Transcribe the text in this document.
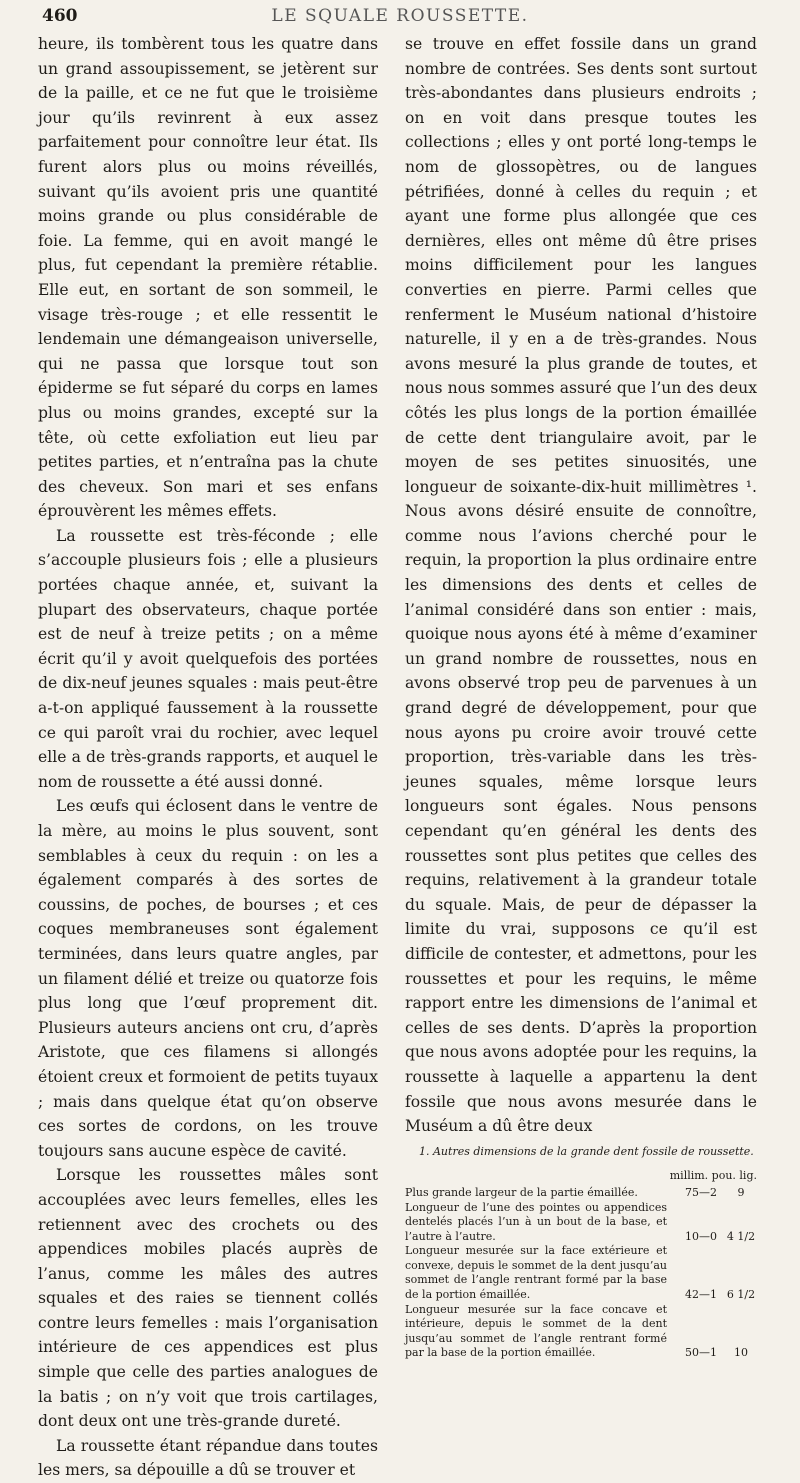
460	LE SQUALE ROUSSETTE.

heure, ils tombèrent tous les quatre dans un grand assoupissement, se jetèrent sur de la paille, et ce ne fut que le troisième jour qu’ils revinrent à eux assez parfaitement pour connoître leur état. Ils furent alors plus ou moins réveillés, suivant qu’ils avoient pris une quantité moins grande ou plus considérable de foie. La femme, qui en avoit mangé le plus, fut cependant la première rétablie. Elle eut, en sortant de son sommeil, le visage très-rouge ; et elle ressentit le lendemain une démangeaison universelle, qui ne passa que lorsque tout son épiderme se fut séparé du corps en lames plus ou moins grandes, excepté sur la tête, où cette exfoliation eut lieu par petites parties, et n’entraîna pas la chute des cheveux. Son mari et ses enfans éprouvèrent les mêmes effets.

La roussette est très-féconde ; elle s’accouple plusieurs fois ; elle a plusieurs portées chaque année, et, suivant la plupart des observateurs, chaque portée est de neuf à treize petits ; on a même écrit qu’il y avoit quelquefois des portées de dix-neuf jeunes squales : mais peut-être a-t-on appliqué faussement à la roussette ce qui paroît vrai du rochier, avec lequel elle a de très-grands rapports, et auquel le nom de roussette a été aussi donné.

Les œufs qui éclosent dans le ventre de la mère, au moins le plus souvent, sont semblables à ceux du requin : on les a également comparés à des sortes de coussins, de poches, de bourses ; et ces coques membraneuses sont également terminées, dans leurs quatre angles, par un filament délié et treize ou quatorze fois plus long que l’œuf proprement dit. Plusieurs auteurs anciens ont cru, d’après Aristote, que ces filamens si allongés étoient creux et formoient de petits tuyaux ; mais dans quelque état qu’on observe ces sortes de cordons, on les trouve toujours sans aucune espèce de cavité.

Lorsque les roussettes mâles sont accouplées avec leurs femelles, elles les retiennent avec des crochets ou des appendices mobiles placés auprès de l’anus, comme les mâles des autres squales et des raies se tiennent collés contre leurs femelles : mais l’organisation intérieure de ces appendices est plus simple que celle des parties analogues de la batis ; on n’y voit que trois cartilages, dont deux ont une très-grande dureté.

La roussette étant répandue dans toutes les mers, sa dépouille a dû se trouver et

se trouve en effet fossile dans un grand nombre de contrées. Ses dents sont surtout très-abondantes dans plusieurs endroits ; on en voit dans presque toutes les collections ; elles y ont porté long-temps le nom de glossopètres, ou de langues pétrifiées, donné à celles du requin ; et ayant une forme plus allongée que ces dernières, elles ont même dû être prises moins difficilement pour les langues converties en pierre. Parmi celles que renferment le Muséum national d’histoire naturelle, il y en a de très-grandes. Nous avons mesuré la plus grande de toutes, et nous nous sommes assuré que l’un des deux côtés les plus longs de la portion émaillée de cette dent triangulaire avoit, par le moyen de ses petites sinuosités, une longueur de soixante-dix-huit millimètres ¹. Nous avons désiré ensuite de connoître, comme nous l’avions cherché pour le requin, la proportion la plus ordinaire entre les dimensions des dents et celles de l’animal considéré dans son entier : mais, quoique nous ayons été à même d’examiner un grand nombre de roussettes, nous en avons observé trop peu de parvenues à un grand degré de développement, pour que nous ayons pu croire avoir trouvé cette proportion, très-variable dans les très-jeunes squales, même lorsque leurs longueurs sont égales. Nous pensons cependant qu’en général les dents des roussettes sont plus petites que celles des requins, relativement à la grandeur totale du squale. Mais, de peur de dépasser la limite du vrai, supposons ce qu’il est difficile de contester, et admettons, pour les roussettes et pour les requins, le même rapport entre les dimensions de l’animal et celles de ses dents. D’après la proportion que nous avons adoptée pour les requins, la roussette à laquelle a appartenu la dent fossile que nous avons mesurée dans le Muséum a dû être deux

1. Autres dimensions de la grande dent fossile de roussette.
millim. pou. lig.
Plus grande largeur de la partie émaillée.	75—2	9
Longueur de l’une des pointes ou appendices dentelés placés l’un à un bout de la base, et l’autre à l’autre.	10—0 4 1/2
Longueur mesurée sur la face extérieure et convexe, depuis le sommet de la dent jusqu’au sommet de l’angle rentrant formé par la base de la portion émaillée.	42—1 6 1/2
Longueur mesurée sur la face concave et intérieure, depuis le sommet de la dent jusqu’au sommet de l’angle rentrant formé par la base de la portion émaillée.	50—1	10
